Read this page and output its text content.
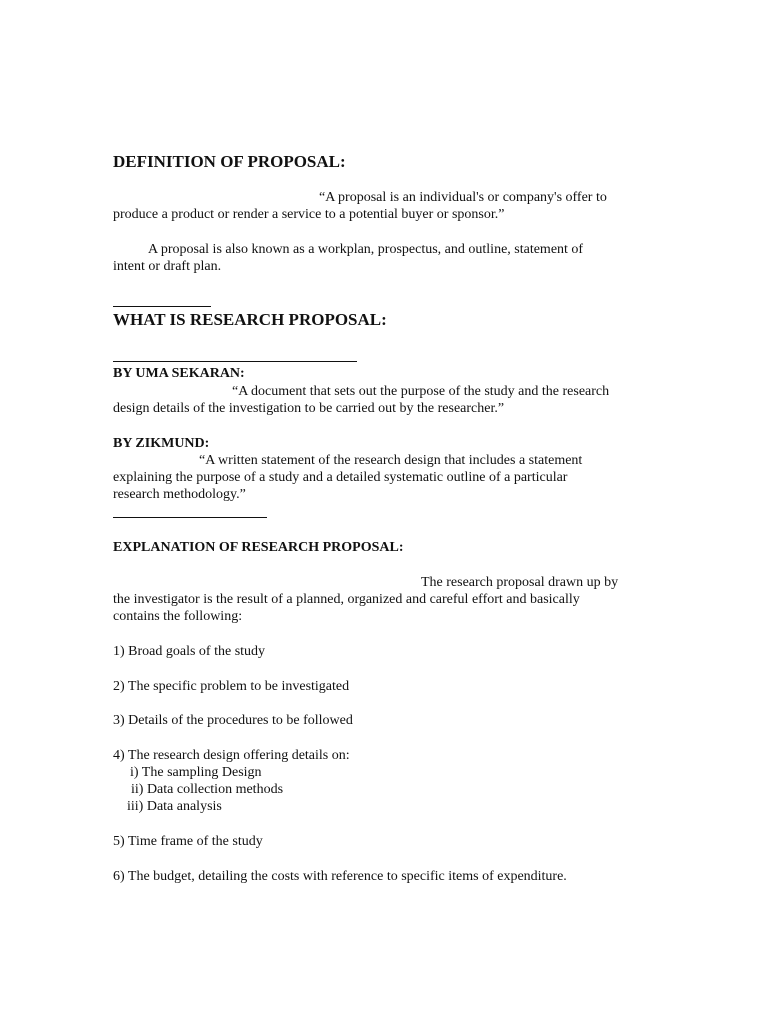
DEFINITION OF PROPOSAL:
“A proposal is an individual's or company's offer to
produce a product or render a service to a potential buyer or sponsor.”
A proposal is also known as a workplan, prospectus, and outline, statement of
intent or draft plan.
WHAT IS RESEARCH PROPOSAL:
BY UMA SEKARAN:
“A document that sets out the purpose of the study and the research
design details of the investigation to be carried out by the researcher.”
BY ZIKMUND:
“A written statement of the research design that includes a statement
explaining the purpose of a study and a detailed systematic outline of a particular
research methodology.”
EXPLANATION OF RESEARCH PROPOSAL:
The research proposal drawn up by
the investigator is the result of a planned, organized and careful effort and basically
contains the following:
1) Broad goals of the study
2) The specific problem to be investigated
3) Details of the procedures to be followed
4) The research design offering details on:
i) The sampling Design
ii) Data collection methods
iii) Data analysis
5) Time frame of the study
6) The budget, detailing the costs with reference to specific items of expenditure.
